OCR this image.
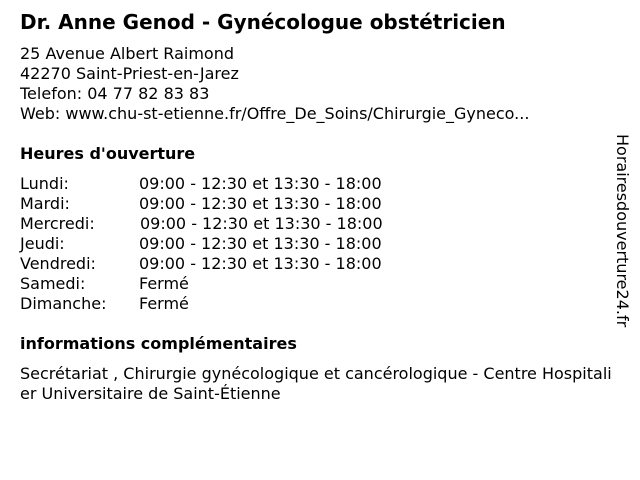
Dr. Anne Genod - Gynécologue obstétricien
25 Avenue Albert Raimond
42270 Saint-Priest-en-Jarez
Telefon: 04 77 82 83 83
Web: www.chu-st-etienne.fr/Offre_De_Soins/Chirurgie_Gyneco...
Heures d'ouverture
Lundi:	09:00 - 12:30 et 13:30 - 18:00
Mardi:	09:00 - 12:30 et 13:30 - 18:00
Mercredi:	09:00 - 12:30 et 13:30 - 18:00
Jeudi:	09:00 - 12:30 et 13:30 - 18:00
Vendredi:	09:00 - 12:30 et 13:30 - 18:00
Samedi:	Fermé
Dimanche: Fermé
informations complémentaires
Secrétariat , Chirurgie gynécologique et cancérologique - Centre Hospitalier Universitaire de Saint-Étienne
Horairesdouverture24.fr
